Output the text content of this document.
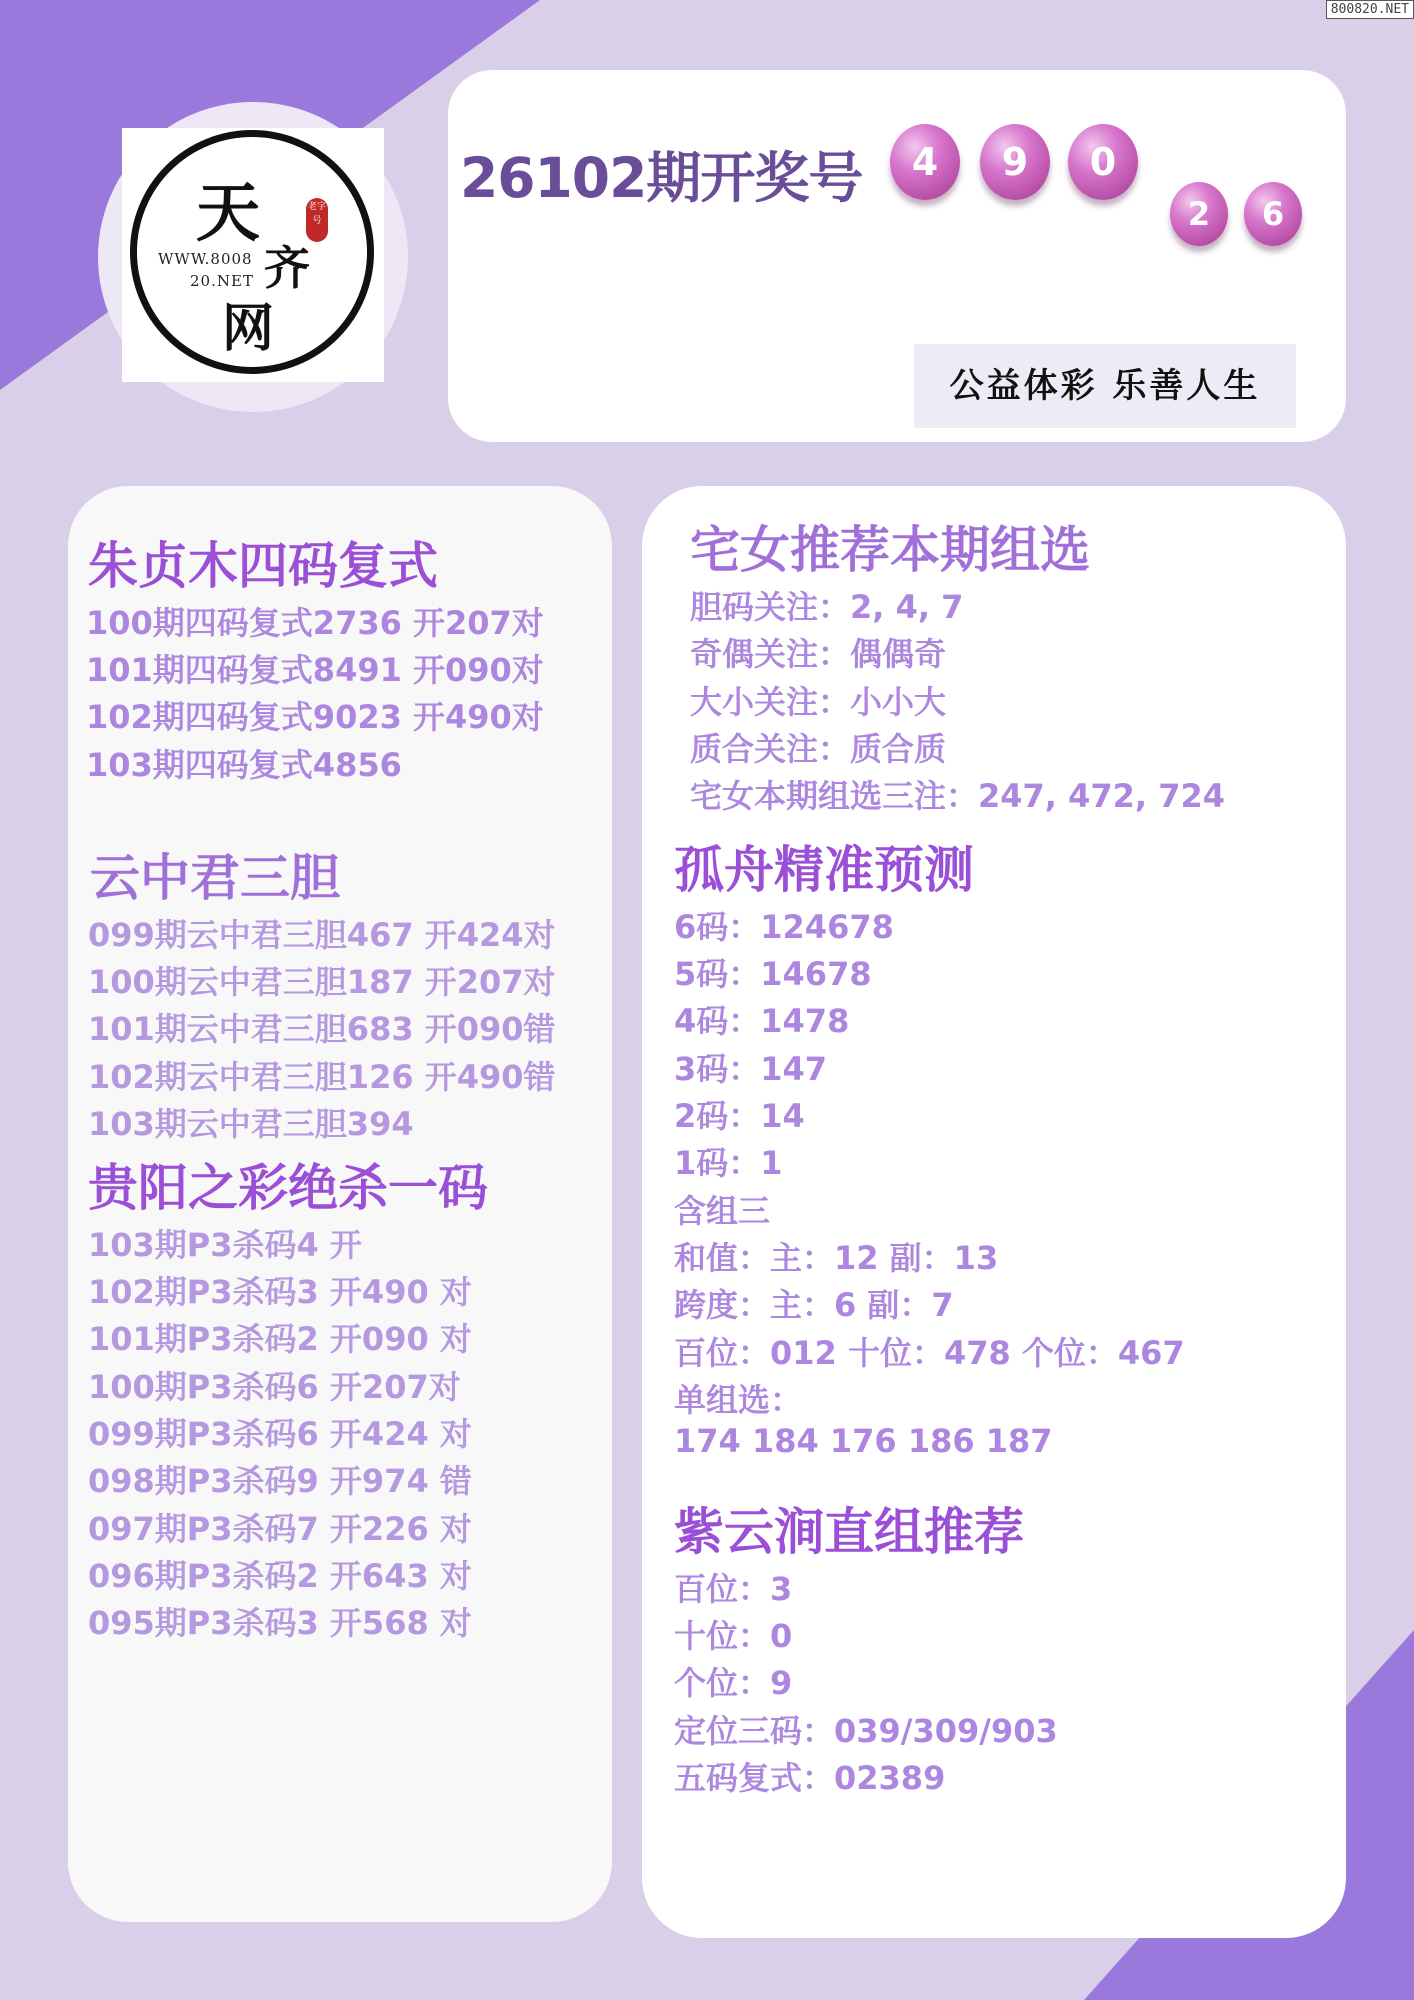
800820.NET
天
齐
网
WWW.8008
20.NET
老字号
26102期开奖号	4	9	0
2	6
公益体彩 乐善人生
朱贞木四码复式
100期四码复式2736 开207对
101期四码复式8491 开090对
102期四码复式9023 开490对
103期四码复式4856
云中君三胆
099期云中君三胆467 开424对
100期云中君三胆187 开207对
101期云中君三胆683 开090错
102期云中君三胆126 开490错
103期云中君三胆394
贵阳之彩绝杀一码
103期P3杀码4 开
102期P3杀码3 开490 对
101期P3杀码2 开090 对
100期P3杀码6 开207对
099期P3杀码6 开424 对
098期P3杀码9 开974 错
097期P3杀码7 开226 对
096期P3杀码2 开643 对
095期P3杀码3 开568 对
宅女推荐本期组选
胆码关注：2, 4, 7
奇偶关注：偶偶奇
大小关注：小小大
质合关注：质合质
宅女本期组选三注：247, 472, 724
孤舟精准预测
6码：124678
5码：14678
4码：1478
3码：147
2码：14
1码：1
含组三
和值：主：12 副：13
跨度：主：6 副：7
百位：012 十位：478 个位：467
单组选：
174 184 176 186 187
紫云涧直组推荐
百位：3
十位：0
个位：9
定位三码：039/309/903
五码复式：02389
